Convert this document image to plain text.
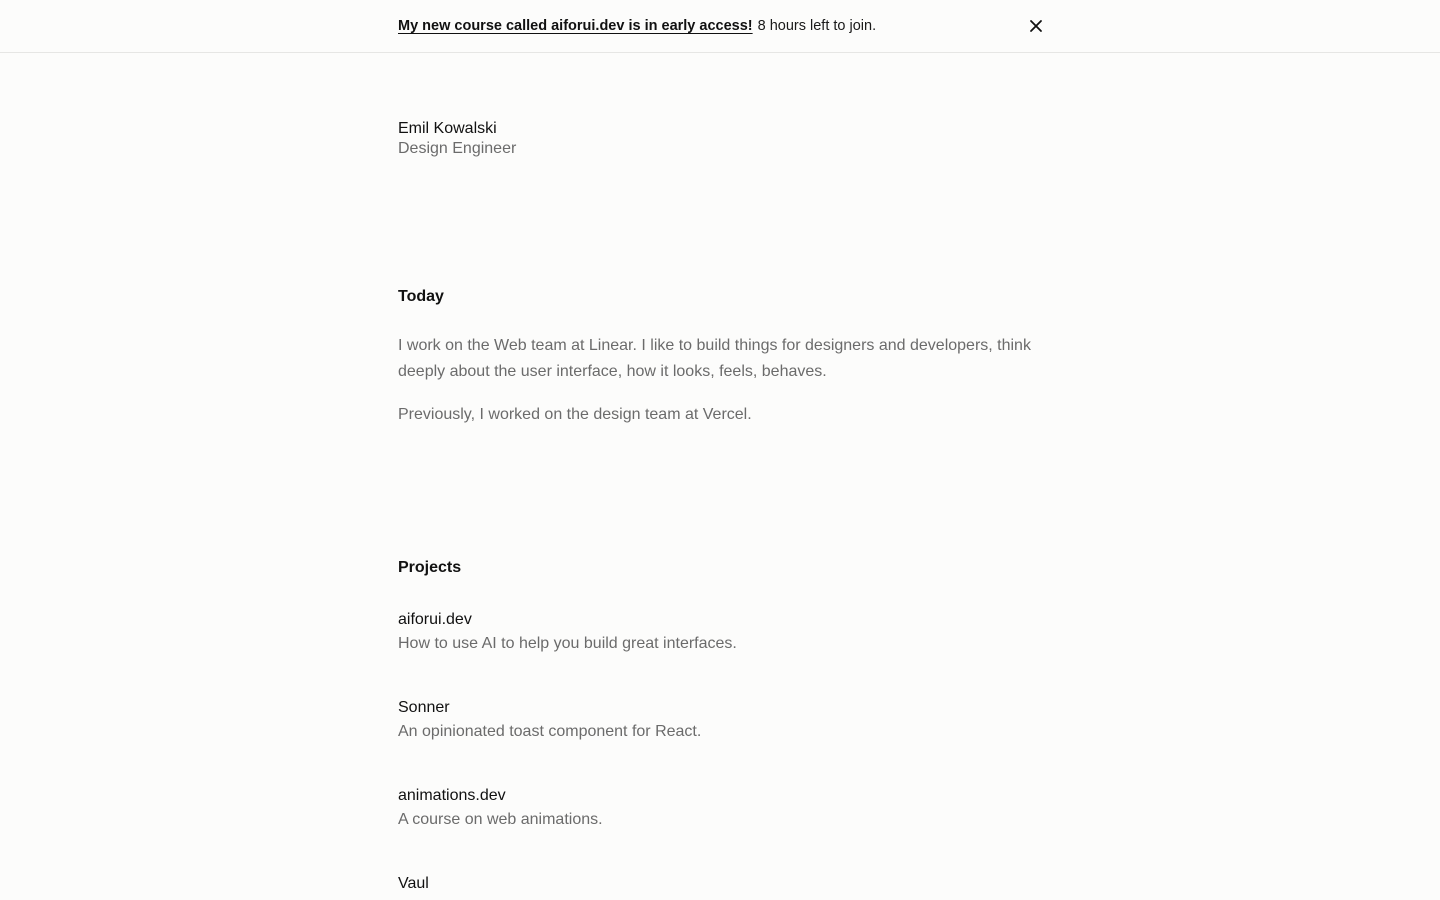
My new course called aiforui.dev is in early access! 8 hours left to join.
Emil Kowalski
Design Engineer
Today

I work on the Web team at Linear. I like to build things for designers and developers, think deeply about the user interface, how it looks, feels, behaves.

Previously, I worked on the design team at Vercel.

Projects
aiforui.dev
How to use AI to help you build great interfaces.
Sonner
An opinionated toast component for React.
animations.dev
A course on web animations.
Vaul
